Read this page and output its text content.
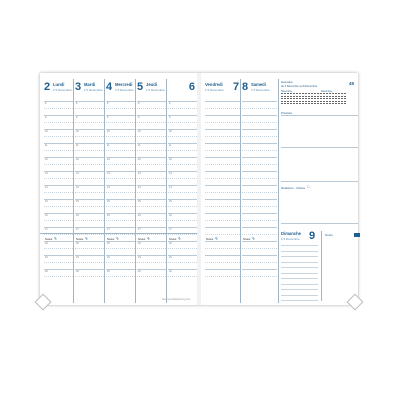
2 Lundi
1.5 Décembre
8
9
10
11
12
13
14
15
16
17
18
19
20
Notes ✎
3 Mardi
1.5 Décembre
8
9
10
11
12
13
14
15
16
17
18
19
20
Notes ✎
4 Mercredi
1.5 Décembre
8
9
10
11
12
13
14
15
16
17
18
19
20
Notes ✎
5 Jeudi
1.5 Décembre
8
9
10
11
12
13
14
15
16
17
18
19
20
Notes ✎
6
8
9
10
11
12
13
14
15
16
17
18
19
20
Notes ✎
7
Vendredi
1.5 Décembre
Notes ✎
8 Samedi
1.5 Décembre
Notes ✎
Semaine	49
du 2 Décembre au 8 Décembre
Novembre	Décembre
Priorités
Relations - Visites ☐
9
Dimanche
1.5 Décembre
Notes
www.quovadisplanning.com
